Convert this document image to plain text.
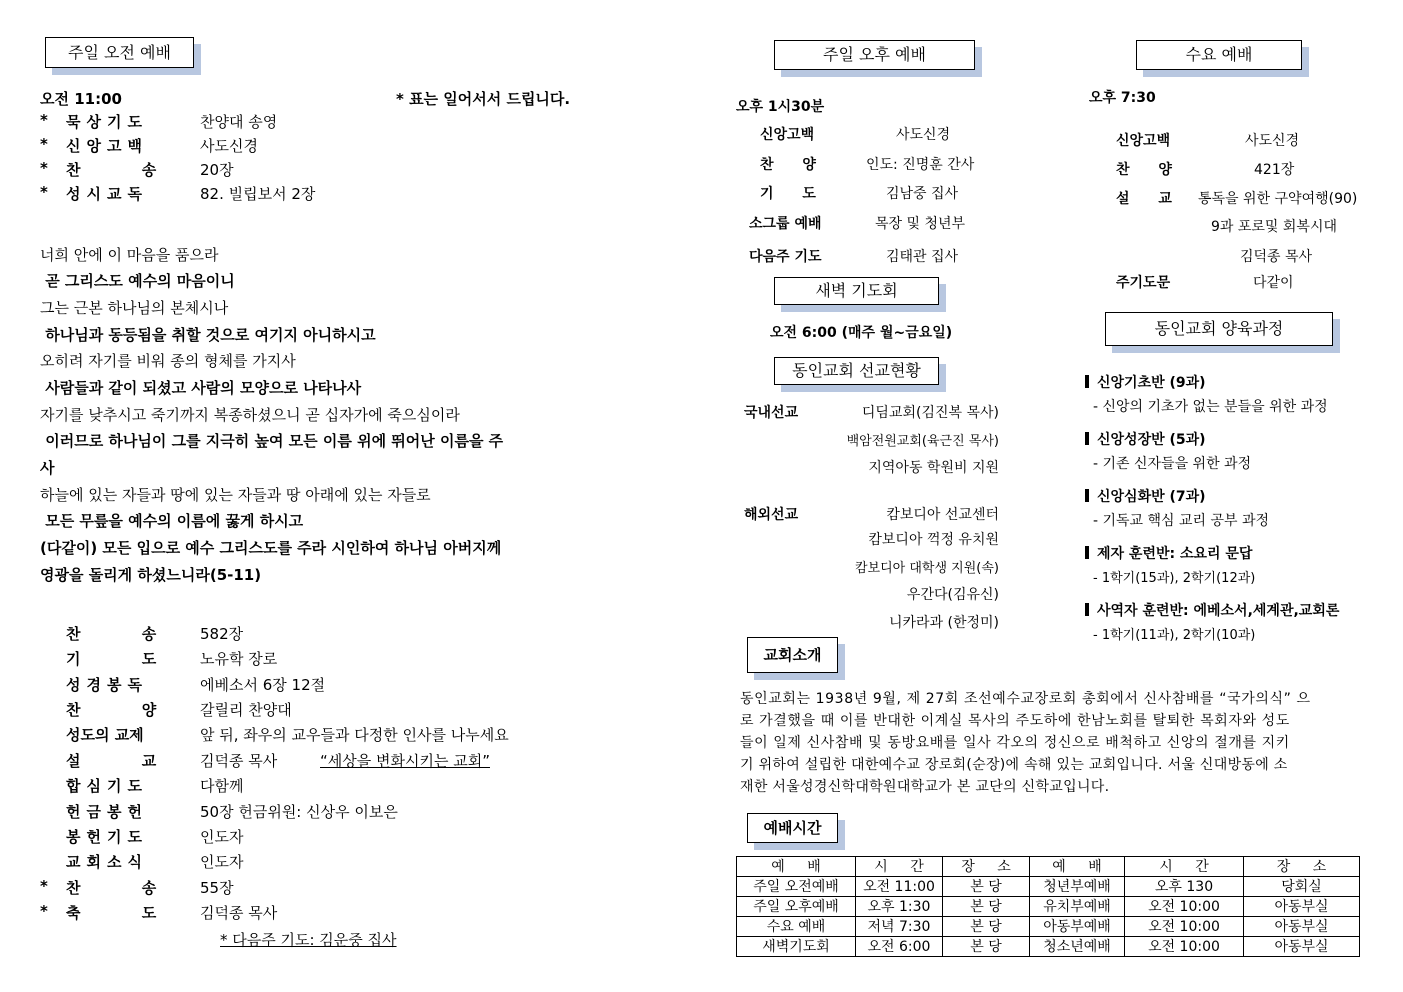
주일 오전 예배
오전 11:00	* 표는 일어서서 드립니다.
* 묵상기도	찬양대 송영
* 신앙고백	사도신경
* 찬 송	20장
* 성시교독	82. 빌립보서 2장
너희 안에 이 마음을 품으라
곧 그리스도 예수의 마음이니
그는 근본 하나님의 본체시나
하나님과 동등됨을 취할 것으로 여기지 아니하시고
오히려 자기를 비워 종의 형체를 가지사
사람들과 같이 되셨고 사람의 모양으로 나타나사
자기를 낮추시고 죽기까지 복종하셨으니 곧 십자가에 죽으심이라
이러므로 하나님이 그를 지극히 높여 모든 이름 위에 뛰어난 이름을 주
사
하늘에 있는 자들과 땅에 있는 자들과 땅 아래에 있는 자들로
모든 무릎을 예수의 이름에 꿇게 하시고
(다같이) 모든 입으로 예수 그리스도를 주라 시인하여 하나님 아버지께
영광을 돌리게 하셨느니라(5-11)
찬 송	582장
기 도	노유학 장로
성경봉독	에베소서 6장 12절
찬 양	갈릴리 찬양대
성도의 교제	앞 뒤, 좌우의 교우들과 다정한 인사를 나누세요
설 교	김덕종 목사	“세상을 변화시키는 교회”
합심기도	다함께
헌금봉헌	50장 헌금위원: 신상우 이보은
봉헌기도	인도자
교회소식	인도자
* 찬 송	55장
* 축 도	김덕종 목사
* 다음주 기도: 김운중 집사
주일 오후 예배
오후 1시30분
신앙고백	사도신경
찬 양	인도: 진명훈 간사
기 도	김남중 집사
소그룹 예배	목장 및 청년부
다음주 기도	김태관 집사
새벽 기도회
오전 6:00 (매주 월~금요일)
동인교회 선교현황
국내선교	디딤교회(김진복 목사)
백암전원교회(육근진 목사)
지역아동 학원비 지원
해외선교	캄보디아 선교센터
캄보디아 꺽정 유치원
캄보디아 대학생 지원(속)
우간다(김유신)
니카라과 (한정미)
교회소개
동인교회는 1938년 9월, 제 27회 조선예수교장로회 총회에서 신사참배를 “국가의식” 으
로 가결했을 때 이를 반대한 이계실 목사의 주도하에 한남노회를 탈퇴한 목회자와 성도
들이 일제 신사참배 및 동방요배를 일사 각오의 정신으로 배척하고 신앙의 절개를 지키
기 위하여 설립한 대한예수교 장로회(순장)에 속해 있는 교회입니다. 서울 신대방동에 소
재한 서울성경신학대학원대학교가 본 교단의 신학교입니다.
예배시간
예 배	시 간	장 소	예 배	시 간	장 소
주일 오전예배	오전 11:00	본 당	청년부예배	오후 130	당회실
주일 오후예배	오후 1:30	본 당	유치부예배	오전 10:00	아동부실
수요 예배	저녁 7:30	본 당	아동부예배	오전 10:00	아동부실
새벽기도회	오전 6:00	본 당	청소년예배	오전 10:00	아동부실
수요 예배
오후 7:30
신앙고백	사도신경
찬 양	421장
설 교 통독을 위한 구약여행(90)
9과 포로및 회복시대
김덕종 목사
주기도문	다같이
동인교회 양육과정
신앙기초반 (9과)
- 신앙의 기초가 없는 분들을 위한 과정
신앙성장반 (5과)
- 기존 신자들을 위한 과정
신앙심화반 (7과)
- 기독교 핵심 교리 공부 과정
제자 훈련반: 소요리 문답
- 1학기(15과), 2학기(12과)
사역자 훈련반: 에베소서,세계관,교회론
- 1학기(11과), 2학기(10과)
